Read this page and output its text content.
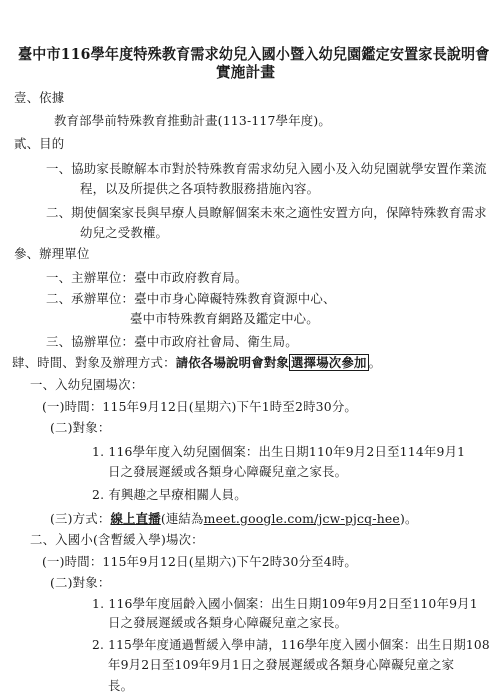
臺中市116學年度特殊教育需求幼兒入國小暨入幼兒園鑑定安置家長說明會
實施計畫
壹、依據
教育部學前特殊教育推動計畫(113-117學年度)。
貳、目的
一、協助家長瞭解本市對於特殊教育需求幼兒入國小及入幼兒園就學安置作業流
程，以及所提供之各項特教服務措施內容。
二、期使個案家長與早療人員瞭解個案未來之適性安置方向，保障特殊教育需求
幼兒之受教權。
參、辦理單位
一、主辦單位：臺中市政府教育局。
二、承辦單位：臺中市身心障礙特殊教育資源中心、
臺中市特殊教育網路及鑑定中心。
三、協辦單位：臺中市政府社會局、衛生局。
肆、時間、對象及辦理方式：請依各場說明會對象 選擇場次參加 。
一、入幼兒園場次：
(一)時間：115年9月12日(星期六)下午1時至2時30分。
(二)對象：
1. 116學年度入幼兒園個案：出生日期110年9月2日至114年9月1
日之發展遲緩或各類身心障礙兒童之家長。
2. 有興趣之早療相關人員。
(三)方式：線上直播(連結為meet.google.com/jcw-pjcq-hee)。
二、入國小(含暫緩入學)場次：
(一)時間：115年9月12日(星期六)下午2時30分至4時。
(二)對象：
1. 116學年度屆齡入國小個案：出生日期109年9月2日至110年9月1
日之發展遲緩或各類身心障礙兒童之家長。
2. 115學年度通過暫緩入學申請，116學年度入國小個案：出生日期108
年9月2日至109年9月1日之發展遲緩或各類身心障礙兒童之家
長。
